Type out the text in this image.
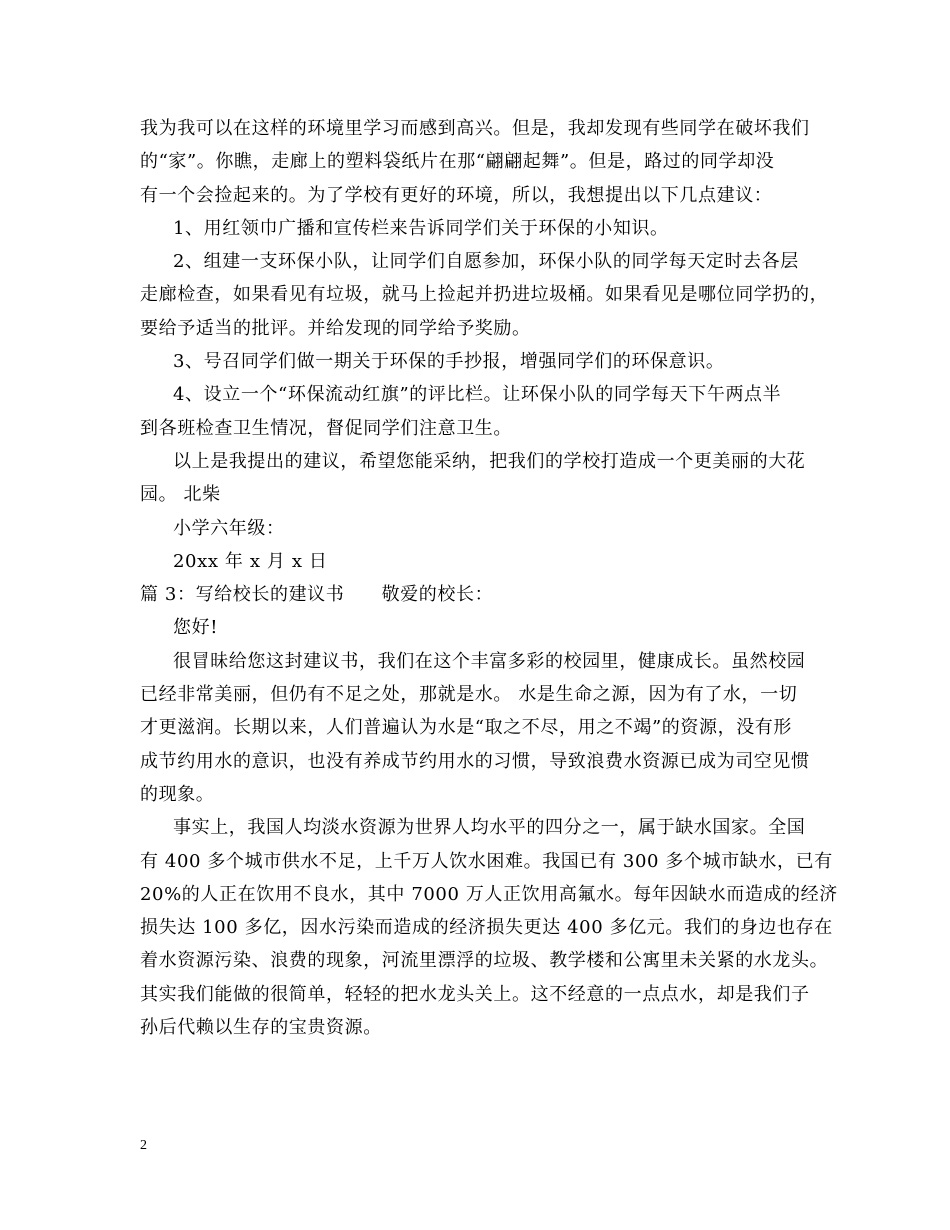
我为我可以在这样的环境里学习而感到高兴。但是，我却发现有些同学在破坏我们
的“家”。你瞧，走廊上的塑料袋纸片在那“翩翩起舞”。但是，路过的同学却没
有一个会捡起来的。为了学校有更好的环境，所以，我想提出以下几点建议：
1、用红领巾广播和宣传栏来告诉同学们关于环保的小知识。
2、组建一支环保小队，让同学们自愿参加，环保小队的同学每天定时去各层
走廊检查，如果看见有垃圾，就马上捡起并扔进垃圾桶。如果看见是哪位同学扔的，
要给予适当的批评。并给发现的同学给予奖励。
3、号召同学们做一期关于环保的手抄报，增强同学们的环保意识。
4、设立一个“环保流动红旗”的评比栏。让环保小队的同学每天下午两点半
到各班检查卫生情况，督促同学们注意卫生。
以上是我提出的建议，希望您能采纳，把我们的学校打造成一个更美丽的大花
园。 北柴
小学六年级：
20xx 年 x 月 x 日
篇 3：写给校长的建议书　　敬爱的校长：
您好!
很冒昧给您这封建议书，我们在这个丰富多彩的校园里，健康成长。虽然校园
已经非常美丽，但仍有不足之处，那就是水。 水是生命之源，因为有了水，一切
才更滋润。长期以来，人们普遍认为水是“取之不尽，用之不竭”的资源，没有形
成节约用水的意识，也没有养成节约用水的习惯，导致浪费水资源已成为司空见惯
的现象。
事实上，我国人均淡水资源为世界人均水平的四分之一，属于缺水国家。全国
有 400 多个城市供水不足，上千万人饮水困难。我国已有 300 多个城市缺水，已有
20%的人正在饮用不良水，其中 7000 万人正饮用高氟水。每年因缺水而造成的经济
损失达 100 多亿，因水污染而造成的经济损失更达 400 多亿元。我们的身边也存在
着水资源污染、浪费的现象，河流里漂浮的垃圾、教学楼和公寓里未关紧的水龙头。
其实我们能做的很简单，轻轻的把水龙头关上。这不经意的一点点水，却是我们子
孙后代赖以生存的宝贵资源。
2
